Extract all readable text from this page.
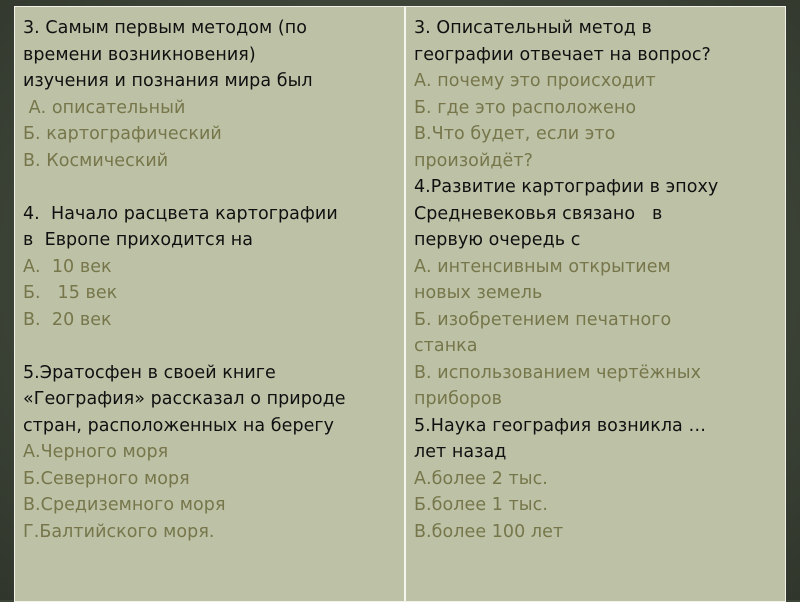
3. Самым первым методом (по
времени возникновения)
изучения и познания мира был
А. описательный
Б. картографический
В. Космический
4.  Начало расцвета картографии
в  Европе приходится на
А.  10 век
Б.   15 век
В.  20 век
5.Эратосфен в своей книге
«География» рассказал о природе
стран, расположенных на берегу
А.Черного моря
Б.Северного моря
В.Средиземного моря
Г.Балтийского моря.
3. Описательный метод в
географии отвечает на вопрос?
А. почему это происходит
Б. где это расположено
В.Что будет, если это
произойдёт?
4.Развитие картографии в эпоху
Средневековья связано   в
первую очередь с
А. интенсивным открытием
новых земель
Б. изобретением печатного
станка
В. использованием чертёжных
приборов
5.Наука география возникла …
лет назад
А.более 2 тыс.
Б.более 1 тыс.
В.более 100 лет
